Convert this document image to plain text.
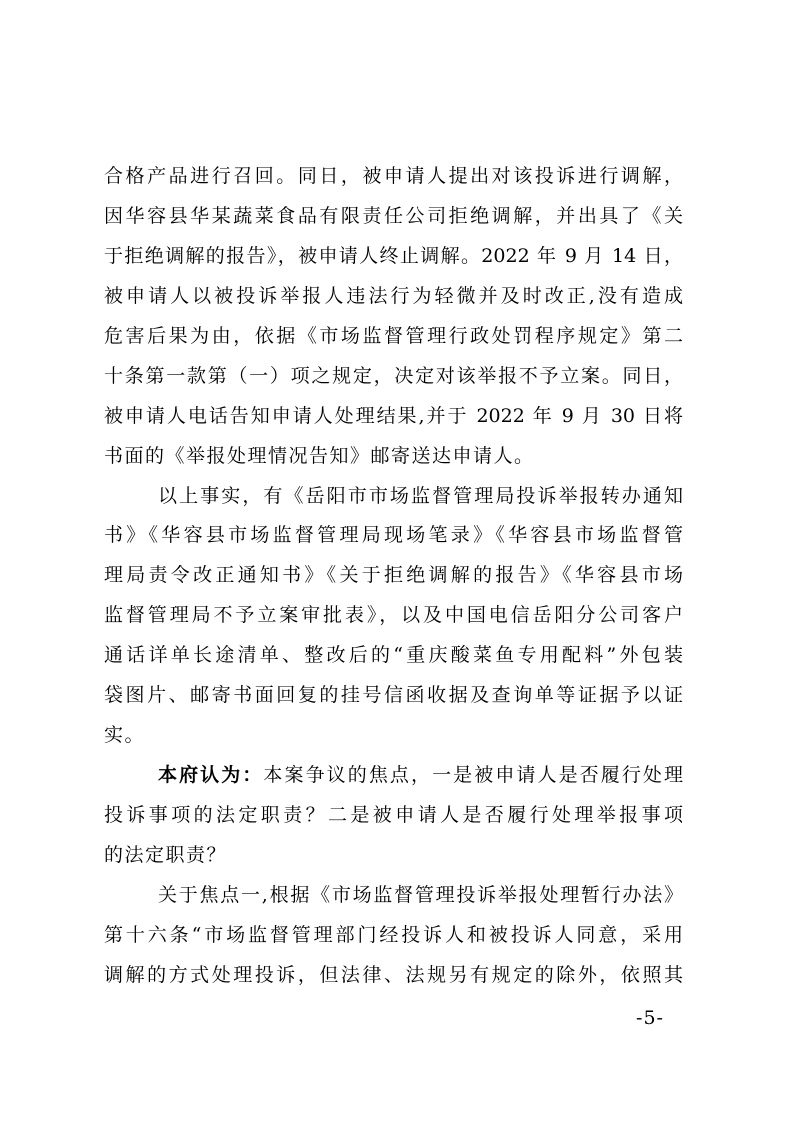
合格产品进行召回。同日，被申请人提出对该投诉进行调解，
因华容县华某蔬菜食品有限责任公司拒绝调解，并出具了《关
于拒绝调解的报告》，被申请人终止调解。2022 年 9 月 14 日，
被申请人以被投诉举报人违法行为轻微并及时改正,没有造成
危害后果为由，依据《市场监督管理行政处罚程序规定》第二
十条第一款第（一）项之规定，决定对该举报不予立案。同日，
被申请人电话告知申请人处理结果,并于 2022 年 9 月 30 日将
书面的《举报处理情况告知》邮寄送达申请人。
以上事实，有《岳阳市市场监督管理局投诉举报转办通知
书》《华容县市场监督管理局现场笔录》《华容县市场监督管
理局责令改正通知书》《关于拒绝调解的报告》《华容县市场
监督管理局不予立案审批表》，以及中国电信岳阳分公司客户
通话详单长途清单、整改后的“重庆酸菜鱼专用配料”外包装
袋图片、邮寄书面回复的挂号信函收据及查询单等证据予以证
实。
本府认为：本案争议的焦点，一是被申请人是否履行处理
投诉事项的法定职责？二是被申请人是否履行处理举报事项
的法定职责？
关于焦点一,根据《市场监督管理投诉举报处理暂行办法》
第十六条“市场监督管理部门经投诉人和被投诉人同意，采用
调解的方式处理投诉，但法律、法规另有规定的除外，依照其
-5-
